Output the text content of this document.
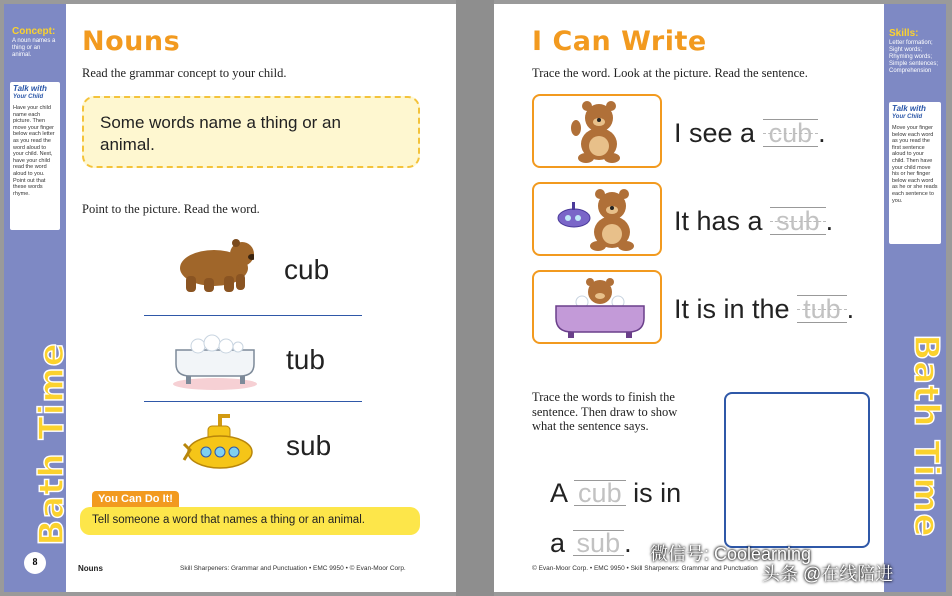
Concept:
A noun names a thing or an animal.
Talk with
Your Child
Have your child name each picture. Then move your finger below each letter as you read the word aloud to your child. Next, have your child read the word aloud to you. Point out that these words rhyme.
Bath Time
8
Nouns
Read the grammar concept to your child.
Some words name a thing or an animal.
Point to the picture. Read the word.
cub
tub
sub
You Can Do It!
Tell someone a word that names a thing or an animal.
Nouns	Skill Sharpeners: Grammar and Punctuation • EMC 9950 • © Evan-Moor Corp.
I Can Write
Trace the word. Look at the picture. Read the sentence.
I see a cub .
It has a sub .
It is in the tub .
Trace the words to finish the sentence. Then draw to show what the sentence says.
A cub is in
a sub .
© Evan-Moor Corp. • EMC 9950 • Skill Sharpeners: Grammar and Punctuation
Skills:
Letter formation; Sight words; Rhyming words; Simple sentences; Comprehension
Talk with
Your Child
Move your finger below each word as you read the first sentence aloud to your child. Then have your child move his or her finger below each word as he or she reads each sentence to you.
Bath Time
微信号: Coolearning
头条 @在线陪进
